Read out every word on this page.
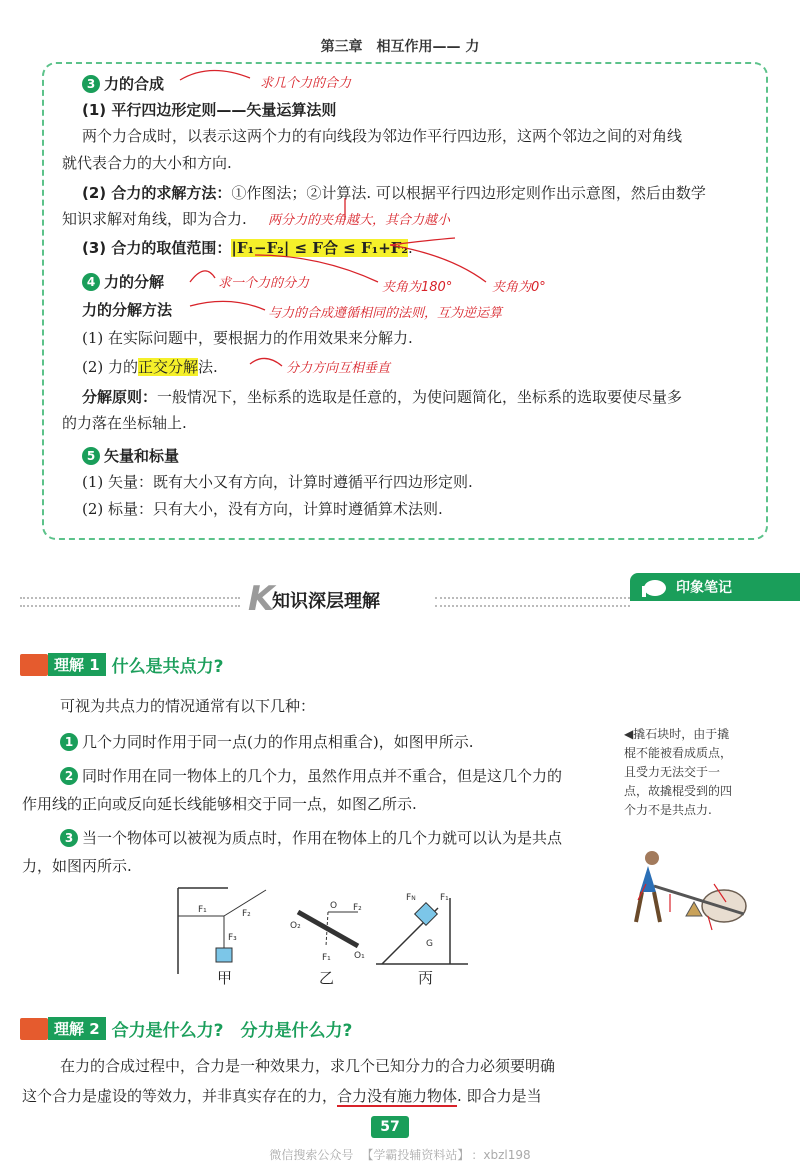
第三章　相互作用—— 力
3 力的合成	求几个力的合力
(1) 平行四边形定则——矢量运算法则
两个力合成时，以表示这两个力的有向线段为邻边作平行四边形，这两个邻边之间的对角线
就代表合力的大小和方向.
(2) 合力的求解方法：①作图法；②计算法. 可以根据平行四边形定则作出示意图，然后由数学
知识求解对角线，即为合力. 两分力的夹角越大，其合力越小
(3) 合力的取值范围：|F₁−F₂| ≤ F合 ≤ F₁+F₂.
4 力的分解	求一个力的分力	夹角为180°	夹角为0°
力的分解方法	与力的合成遵循相同的法则，互为逆运算
(1) 在实际问题中，要根据力的作用效果来分解力.
(2) 力的正交分解法.	分力方向互相垂直
分解原则：一般情况下，坐标系的选取是任意的，为使问题简化，坐标系的选取要使尽量多
的力落在坐标轴上.
5 矢量和标量
(1) 矢量：既有大小又有方向，计算时遵循平行四边形定则.
(2) 标量：只有大小，没有方向，计算时遵循算术法则.
K
知识深层理解
印象笔记
理解 1 什么是共点力?
可视为共点力的情况通常有以下几种：
1 几个力同时作用于同一点(力的作用点相重合)，如图甲所示.
2 同时作用在同一物体上的几个力，虽然作用点并不重合，但是这几个力的
作用线的正向或反向延长线能够相交于同一点，如图乙所示.
3 当一个物体可以被视为质点时，作用在物体上的几个力就可以认为是共点
力，如图丙所示.
◀撬石块时，由于撬
棍不能被看成质点，
且受力无法交于一
点，故撬棍受到的四
个力不是共点力.
F₁	F₂
F₃
O F₂
O₂
F₁	O₁
FN	F₁
G
甲	乙	丙
理解 2 合力是什么力?　分力是什么力?
在力的合成过程中，合力是一种效果力，求几个已知分力的合力必须要明确
这个合力是虚设的等效力，并非真实存在的力，合力没有施力物体. 即合力是当
57
微信搜索公众号 【学霸投辅资料站】 ：xbzl198
